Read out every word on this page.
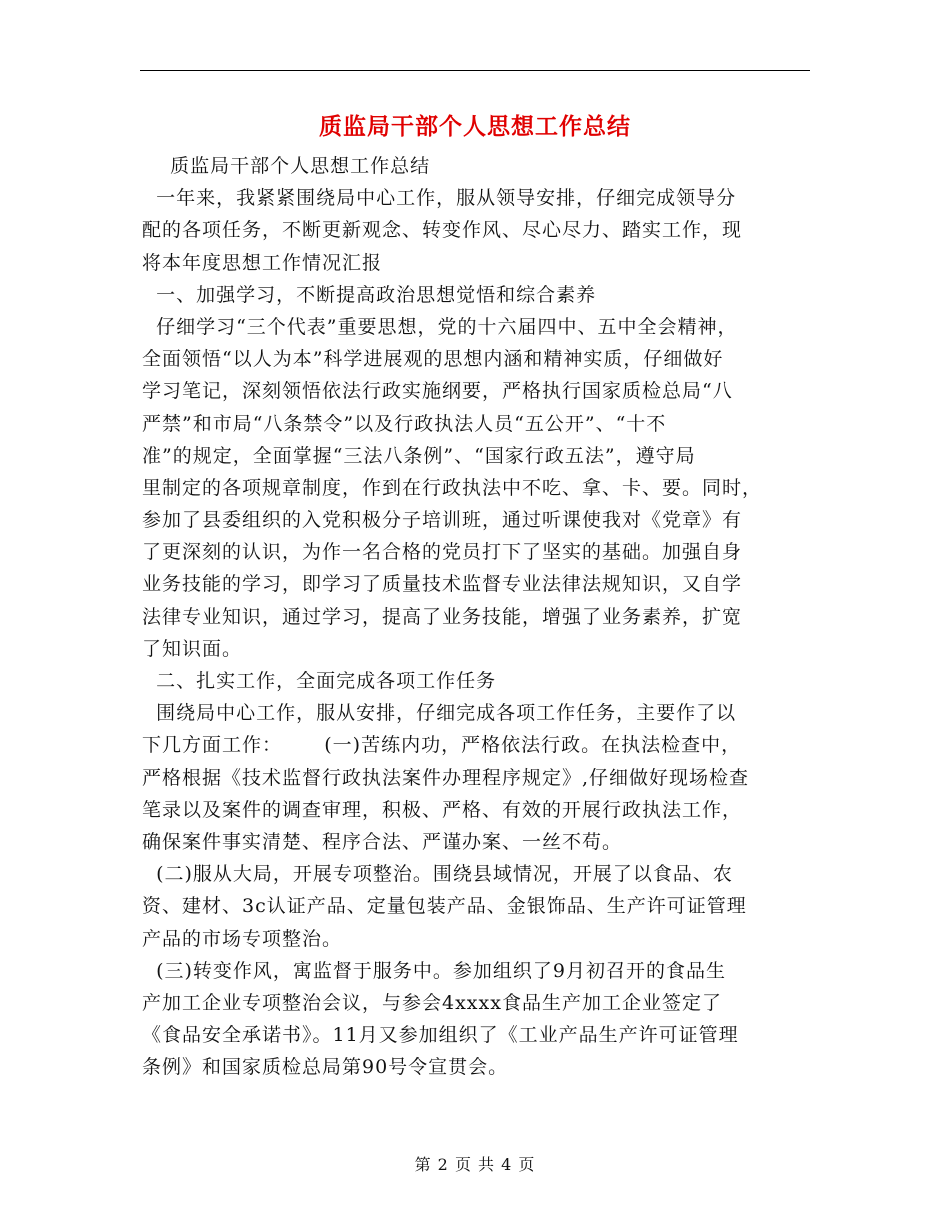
质监局干部个人思想工作总结
质监局干部个人思想工作总结
一年来，我紧紧围绕局中心工作，服从领导安排，仔细完成领导分
配的各项任务，不断更新观念、转变作风、尽心尽力、踏实工作，现
将本年度思想工作情况汇报
一、加强学习，不断提高政治思想觉悟和综合素养
仔细学习“三个代表”重要思想，党的十六届四中、五中全会精神，
全面领悟“以人为本”科学进展观的思想内涵和精神实质，仔细做好
学习笔记，深刻领悟依法行政实施纲要，严格执行国家质检总局“八
严禁”和市局“八条禁令”以及行政执法人员“五公开”、“十不
准”的规定，全面掌握“三法八条例”、“国家行政五法”，遵守局
里制定的各项规章制度，作到在行政执法中不吃、拿、卡、要。同时，
参加了县委组织的入党积极分子培训班，通过听课使我对《党章》有
了更深刻的认识，为作一名合格的党员打下了坚实的基础。加强自身
业务技能的学习，即学习了质量技术监督专业法律法规知识，又自学
法律专业知识，通过学习，提高了业务技能，增强了业务素养，扩宽
了知识面。
二、扎实工作，全面完成各项工作任务
围绕局中心工作，服从安排，仔细完成各项工作任务，主要作了以
下几方面工作：      (一)苦练内功，严格依法行政。在执法检查中，
严格根据《技术监督行政执法案件办理程序规定》,仔细做好现场检查
笔录以及案件的调查审理，积极、严格、有效的开展行政执法工作，
确保案件事实清楚、程序合法、严谨办案、一丝不苟。
(二)服从大局，开展专项整治。围绕县域情况，开展了以食品、农
资、建材、3c认证产品、定量包装产品、金银饰品、生产许可证管理
产品的市场专项整治。
(三)转变作风，寓监督于服务中。参加组织了9月初召开的食品生
产加工企业专项整治会议，与参会4xxxx食品生产加工企业签定了
《食品安全承诺书》。11月又参加组织了《工业产品生产许可证管理
条例》和国家质检总局第90号令宣贯会。
第 2 页 共 4 页
